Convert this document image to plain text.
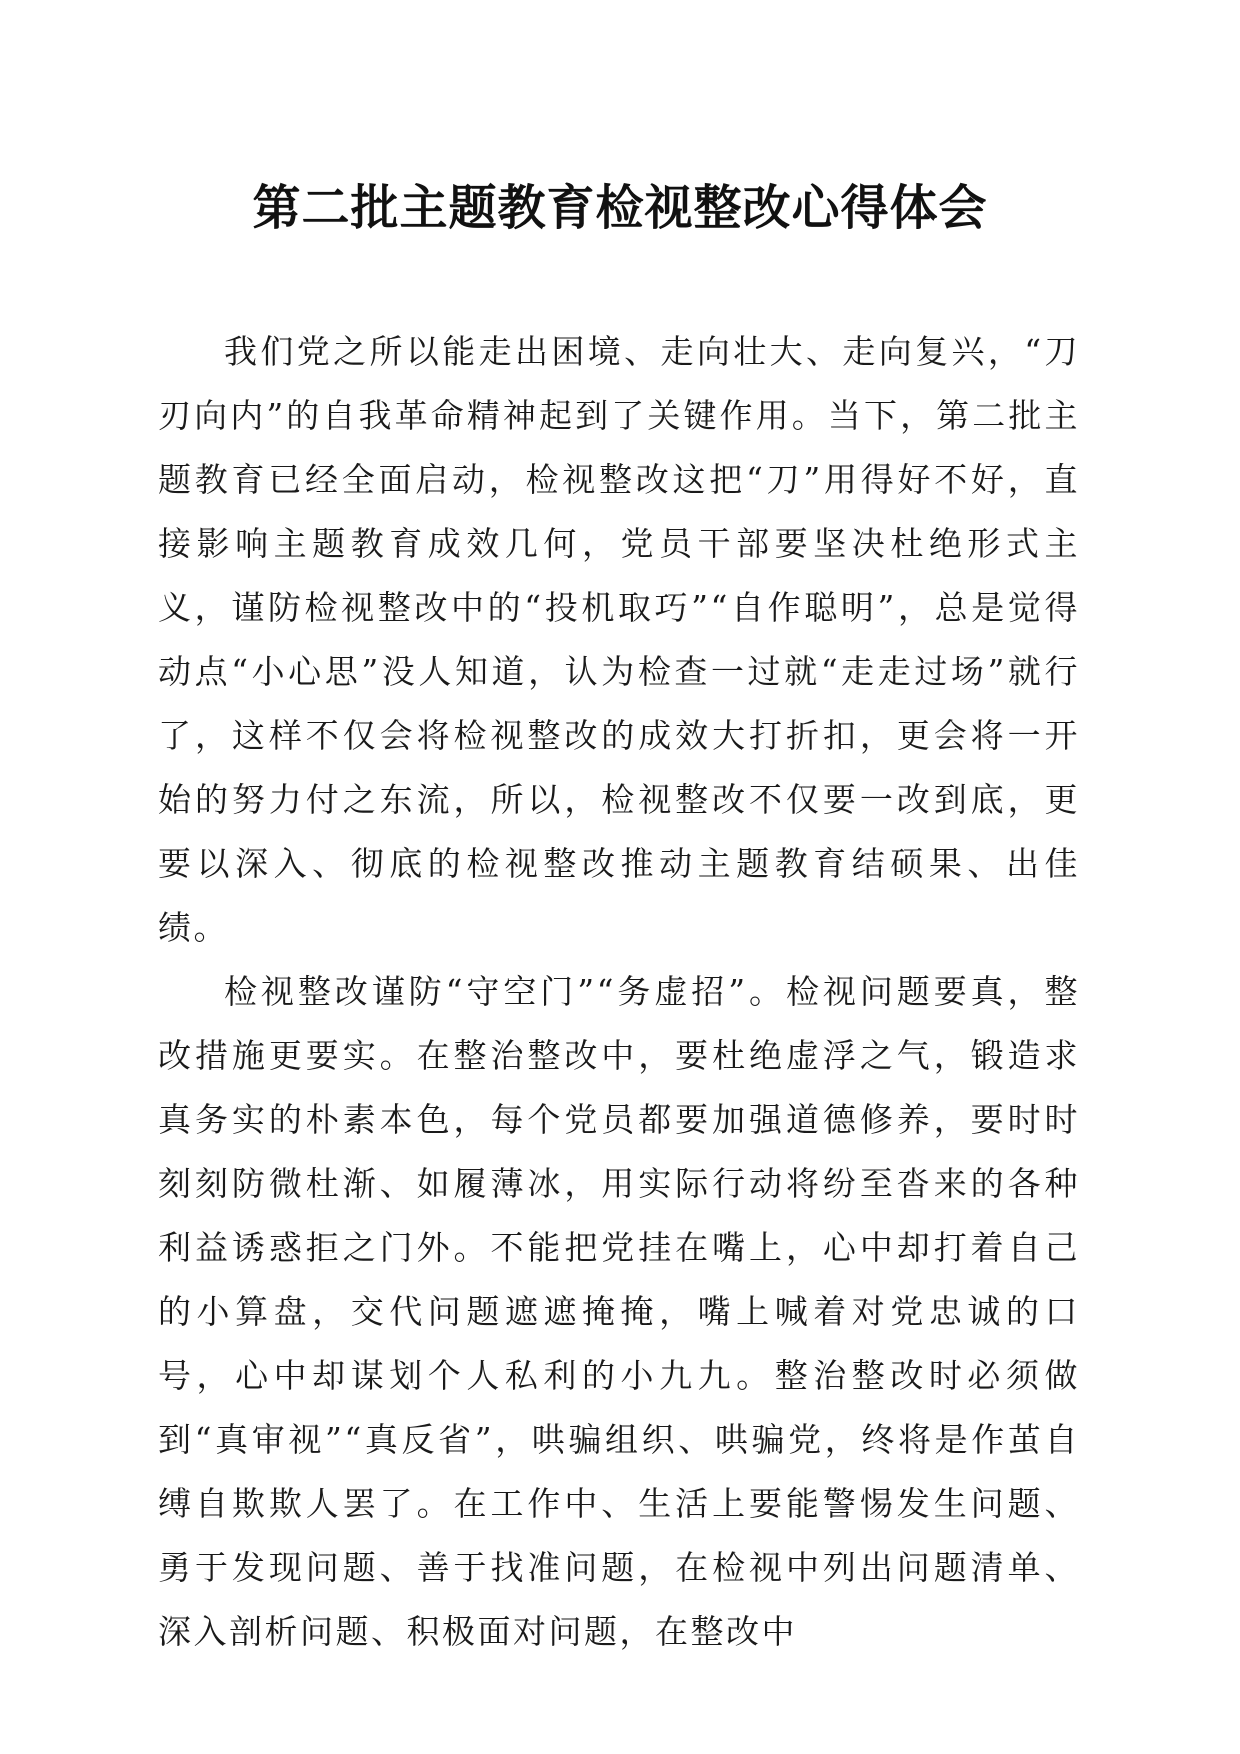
第二批主题教育检视整改心得体会

我们党之所以能走出困境、走向壮大、走向复兴，“刀刃向内”的自我革命精神起到了关键作用。当下，第二批主题教育已经全面启动，检视整改这把“刀”用得好不好，直接影响主题教育成效几何，党员干部要坚决杜绝形式主义，谨防检视整改中的“投机取巧”“自作聪明”，总是觉得动点“小心思”没人知道，认为检查一过就“走走过场”就行了，这样不仅会将检视整改的成效大打折扣，更会将一开始的努力付之东流，所以，检视整改不仅要一改到底，更要以深入、彻底的检视整改推动主题教育结硕果、出佳绩。

检视整改谨防“守空门”“务虚招”。检视问题要真，整改措施更要实。在整治整改中，要杜绝虚浮之气，锻造求真务实的朴素本色，每个党员都要加强道德修养，要时时刻刻防微杜渐、如履薄冰，用实际行动将纷至沓来的各种利益诱惑拒之门外。不能把党挂在嘴上，心中却打着自己的小算盘，交代问题遮遮掩掩，嘴上喊着对党忠诚的口号，心中却谋划个人私利的小九九。整治整改时必须做到“真审视”“真反省”，哄骗组织、哄骗党，终将是作茧自缚自欺欺人罢了。在工作中、生活上要能警惕发生问题、勇于发现问题、善于找准问题，在检视中列出问题清单、深入剖析问题、积极面对问题，在整改中
